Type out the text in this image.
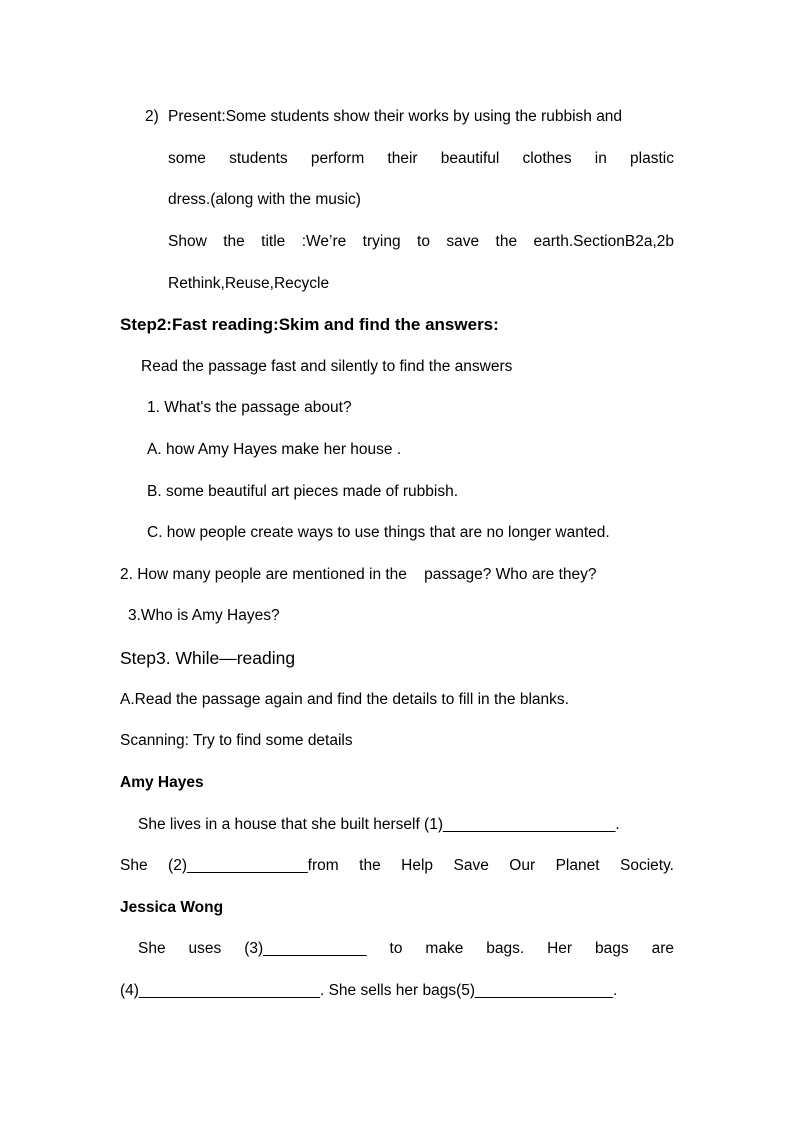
2) Present:Some students show their works by using the rubbish and
some students perform their beautiful clothes in plastic
dress.(along with the music)
Show the title :We’re trying to save the earth.SectionB2a,2b
Rethink,Reuse,Recycle
Step2:Fast reading:Skim and find the answers:
Read the passage fast and silently to find the answers
1. What's the passage about?
A. how Amy Hayes make her house .
B. some beautiful art pieces made of rubbish.
C. how people create ways to use things that are no longer wanted.
2. How many people are mentioned in the    passage? Who are they?
3.Who is Amy Hayes?
Step3. While—reading
A.Read the passage again and find the details to fill in the blanks.
Scanning: Try to find some details
Amy Hayes
She lives in a house that she built herself (1)____________________.
She (2)______________from the Help Save Our Planet Society.
Jessica Wong
She uses (3)____________ to make bags. Her bags are
(4)_____________________. She sells her bags(5)________________.
